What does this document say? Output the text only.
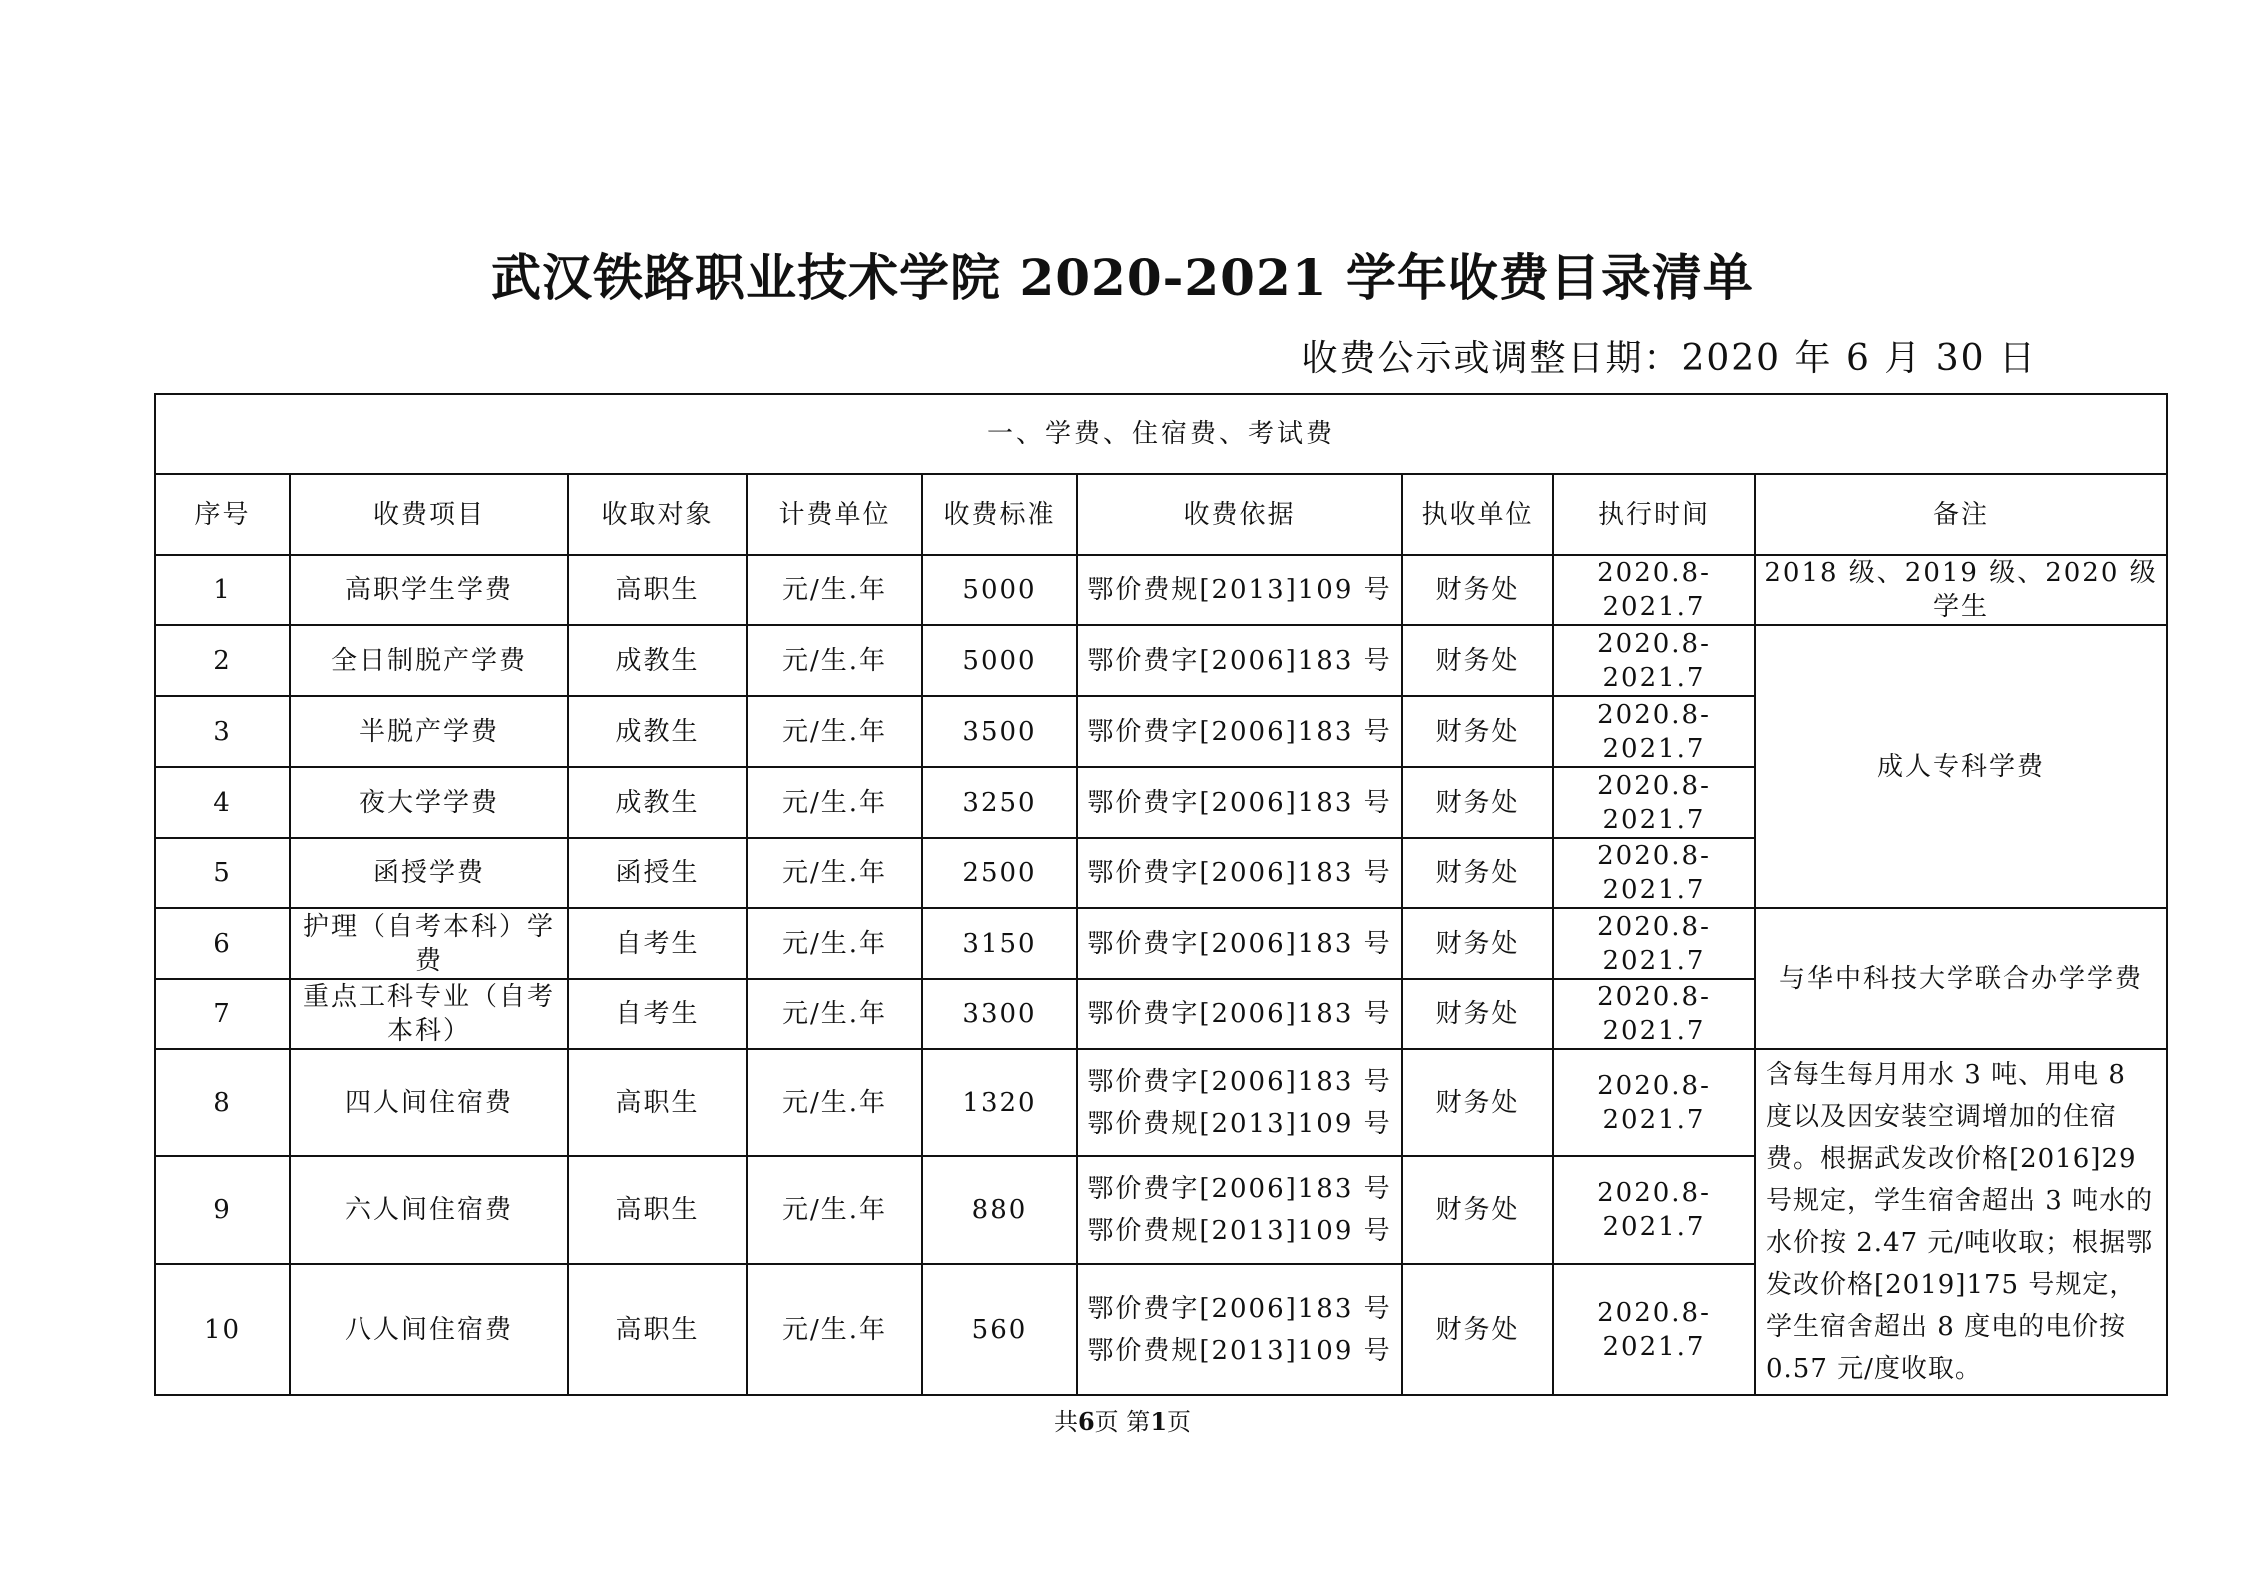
武汉铁路职业技术学院 2020-2021 学年收费目录清单
收费公示或调整日期：2020 年 6 月 30 日
一、学费、住宿费、考试费								
序号	收费项目	收取对象	计费单位	收费标准	收费依据	执收单位	执行时间	备注
1	高职学生学费	高职生	元/生.年	5000	鄂价费规[2013]109 号	财务处	2020.8-2021.7	2018 级、2019 级、2020 级学生
2	全日制脱产学费	成教生	元/生.年	5000	鄂价费字[2006]183 号	财务处	2020.8-2021.7	成人专科学费
3	半脱产学费	成教生	元/生.年	3500	鄂价费字[2006]183 号	财务处	2020.8-2021.7	
4	夜大学学费	成教生	元/生.年	3250	鄂价费字[2006]183 号	财务处	2020.8-2021.7	
5	函授学费	函授生	元/生.年	2500	鄂价费字[2006]183 号	财务处	2020.8-2021.7	
6	护理（自考本科）学费	自考生	元/生.年	3150	鄂价费字[2006]183 号	财务处	2020.8-2021.7	与华中科技大学联合办学学费
7	重点工科专业（自考本科）	自考生	元/生.年	3300	鄂价费字[2006]183 号	财务处	2020.8-2021.7	
8	四人间住宿费	高职生	元/生.年	1320	鄂价费字[2006]183 号
鄂价费规[2013]109 号	财务处	2020.8-2021.7	含每生每月用水 3 吨、用电 8 度以及因安装空调增加的住宿费。根据武发改价格[2016]29 号规定，学生宿舍超出 3 吨水的水价按 2.47 元/吨收取；根据鄂发改价格[2019]175 号规定，学生宿舍超出 8 度电的电价按 0.57 元/度收取。
9	六人间住宿费	高职生	元/生.年	880	鄂价费字[2006]183 号
鄂价费规[2013]109 号	财务处	2020.8-2021.7	
10	八人间住宿费	高职生	元/生.年	560	鄂价费字[2006]183 号
鄂价费规[2013]109 号	财务处	2020.8-2021.7	
共6页 第1页
